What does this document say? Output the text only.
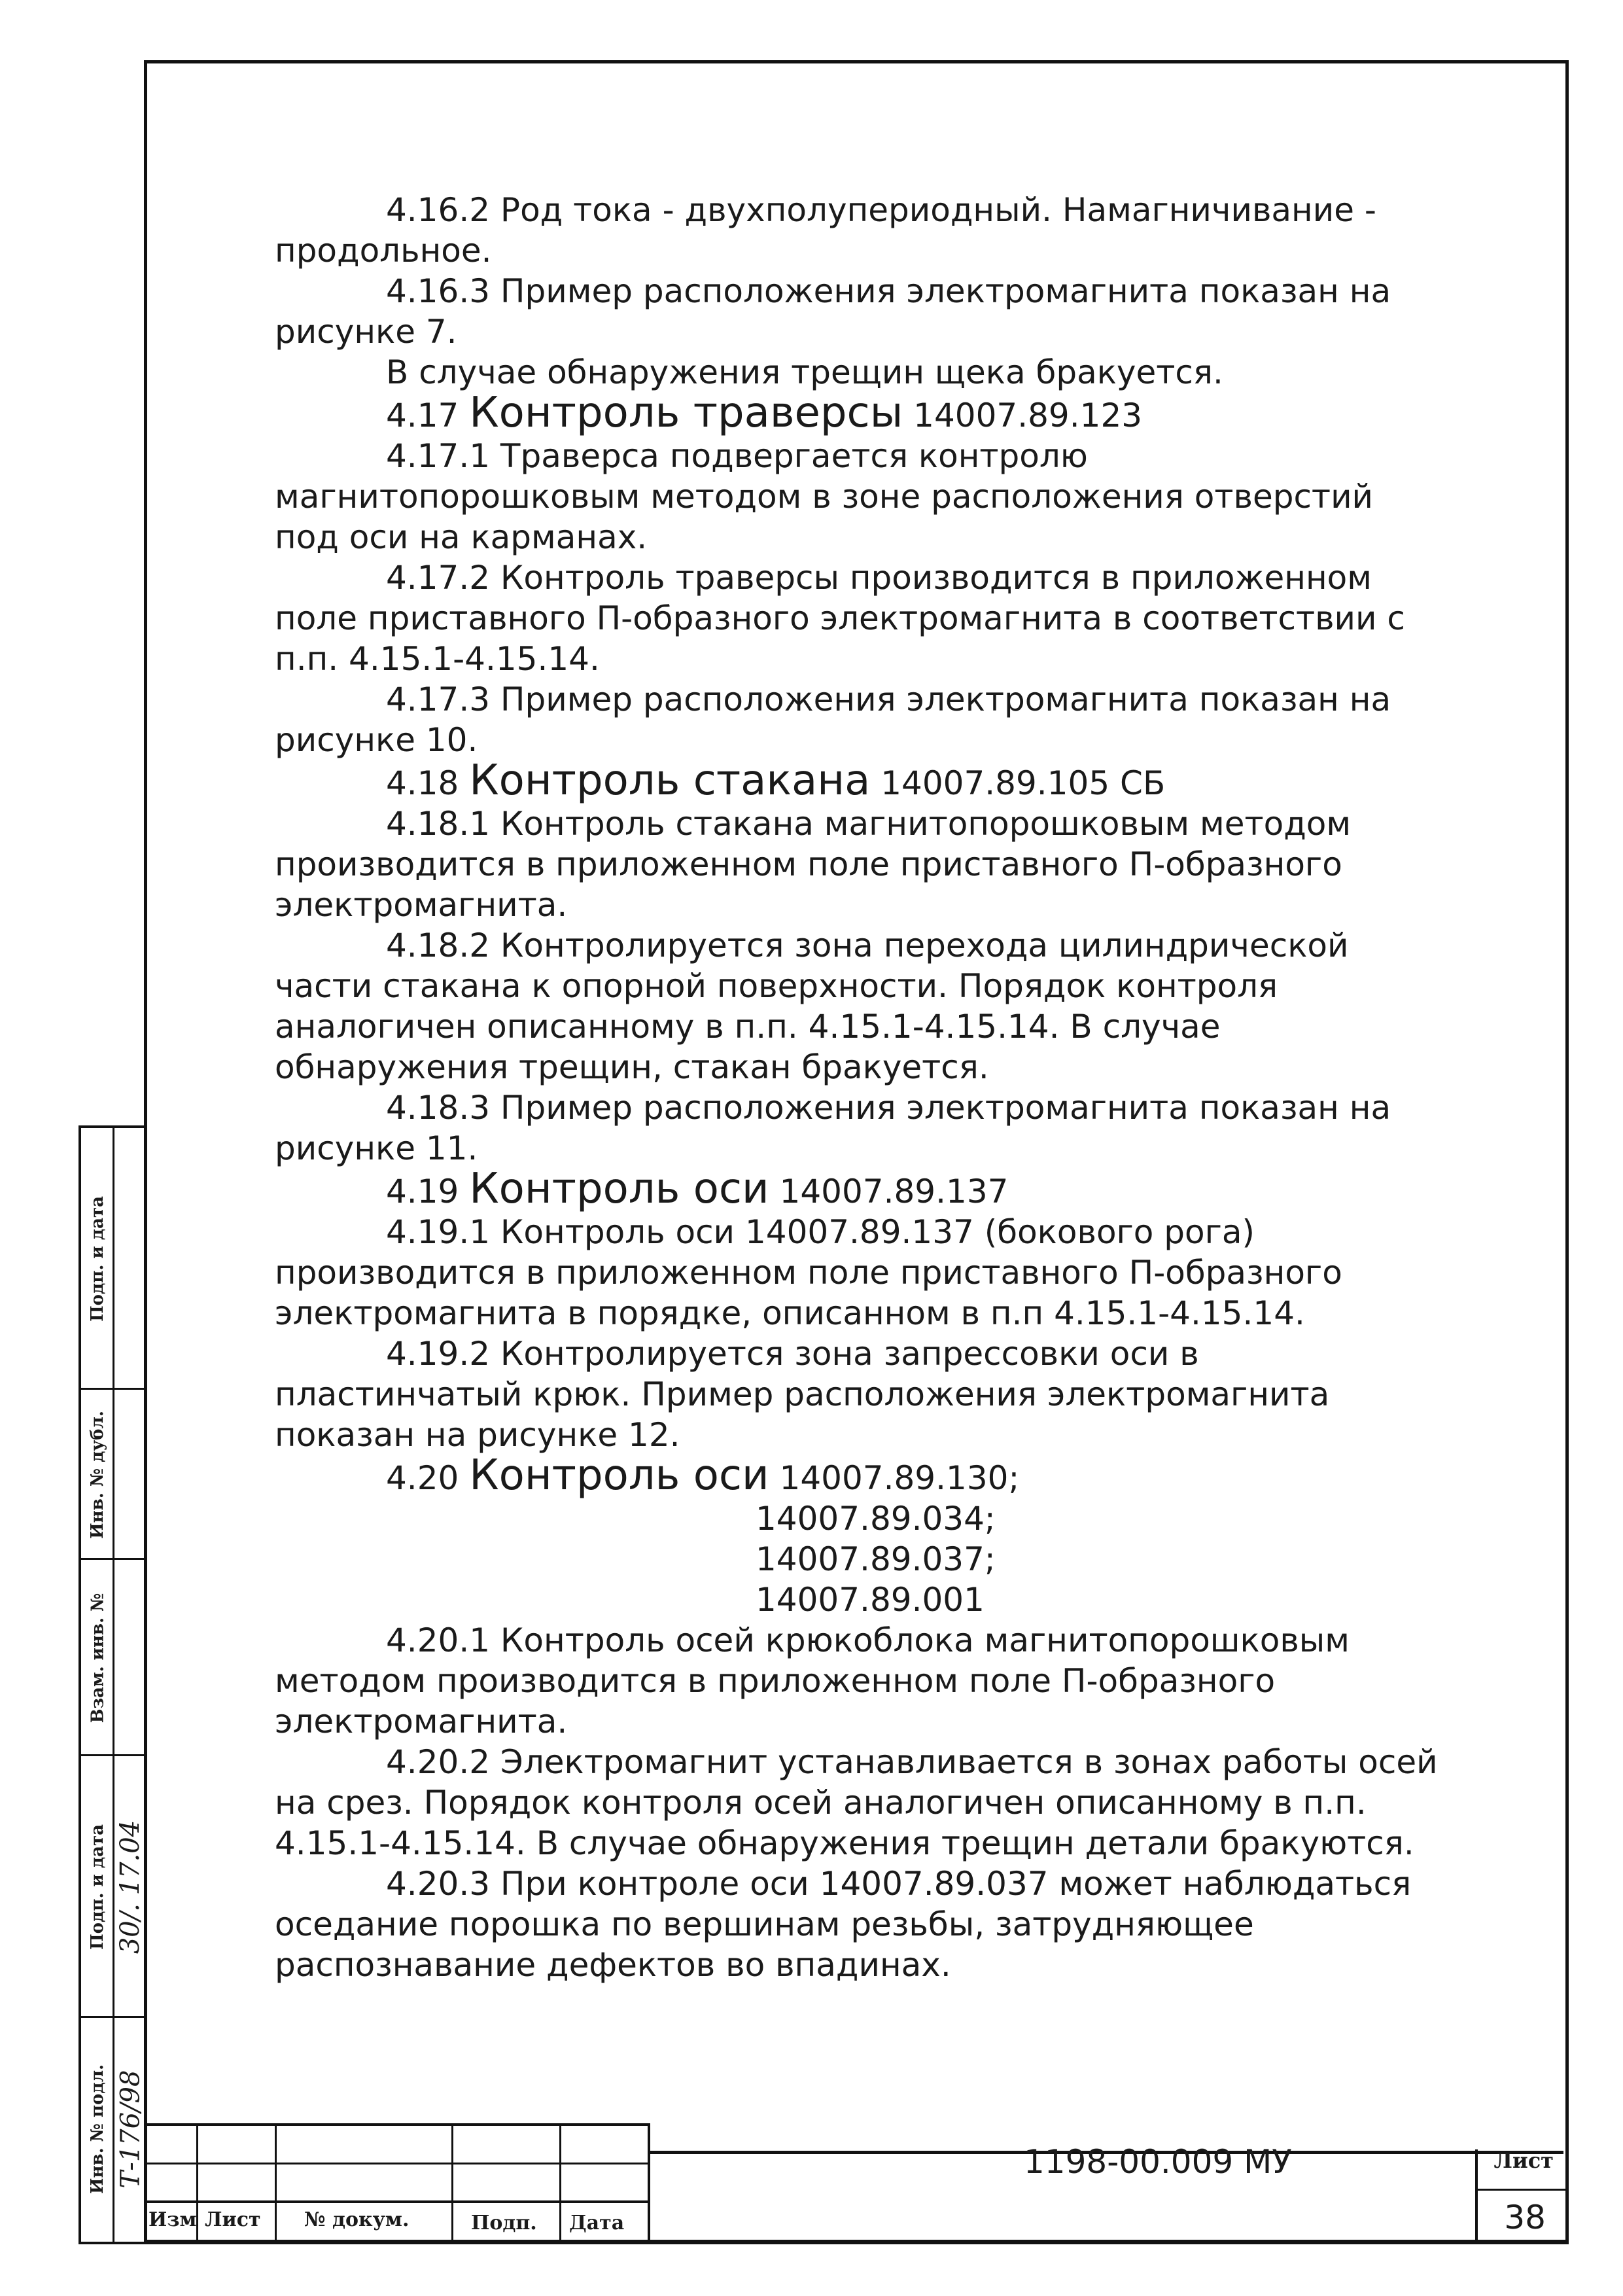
4.16.2 Род тока - двухполупериодный. Намагничивание - продольное.

4.16.3 Пример расположения электромагнита показан на рисунке 7.

В случае обнаружения трещин щека бракуется.

4.17 Контроль траверсы 14007.89.123

4.17.1 Траверса подвергается контролю магнитопорошковым методом в зоне расположения отверстий под оси на карманах.

4.17.2 Контроль траверсы производится в приложенном поле приставного П-образного электромагнита в соответствии с п.п. 4.15.1-4.15.14.

4.17.3 Пример расположения электромагнита показан на рисунке 10.

4.18 Контроль стакана 14007.89.105 СБ

4.18.1 Контроль стакана магнитопорошковым методом производится в приложенном поле приставного П-образного электромагнита.

4.18.2 Контролируется зона перехода цилиндрической части стакана к опорной поверхности. Порядок контроля аналогичен описанному в п.п. 4.15.1-4.15.14. В случае обнаружения трещин, стакан бракуется.

4.18.3 Пример расположения электромагнита показан на рисунке 11.

4.19 Контроль оси 14007.89.137

4.19.1 Контроль оси 14007.89.137 (бокового рога) производится в приложенном поле приставного П-образного электромагнита в порядке, описанном в п.п 4.15.1-4.15.14.

4.19.2 Контролируется зона запрессовки оси в пластинчатый крюк. Пример расположения электромагнита показан на рисунке 12.

4.20 Контроль оси 14007.89.130;

14007.89.034;
14007.89.037;
14007.89.001

4.20.1 Контроль осей крюкоблока магнитопорошковым методом производится в приложенном поле П-образного электромагнита.

4.20.2 Электромагнит устанавливается в зонах работы осей на срез. Порядок контроля осей аналогичен описанному в п.п. 4.15.1-4.15.14. В случае обнаружения трещин детали бракуются.

4.20.3 При контроле оси 14007.89.037 может наблюдаться оседание порошка по вершинам резьбы, затрудняющее распознавание дефектов во впадинах.

Подп. и дата
Инв. № дубл.
Взам. инв. №
Подп. и дата 30/. 17.04
Инв. № подл. Т-176/98
Изм Лист № докум.	Подп. Дата
1198-00.009 МУ	Лист
38
